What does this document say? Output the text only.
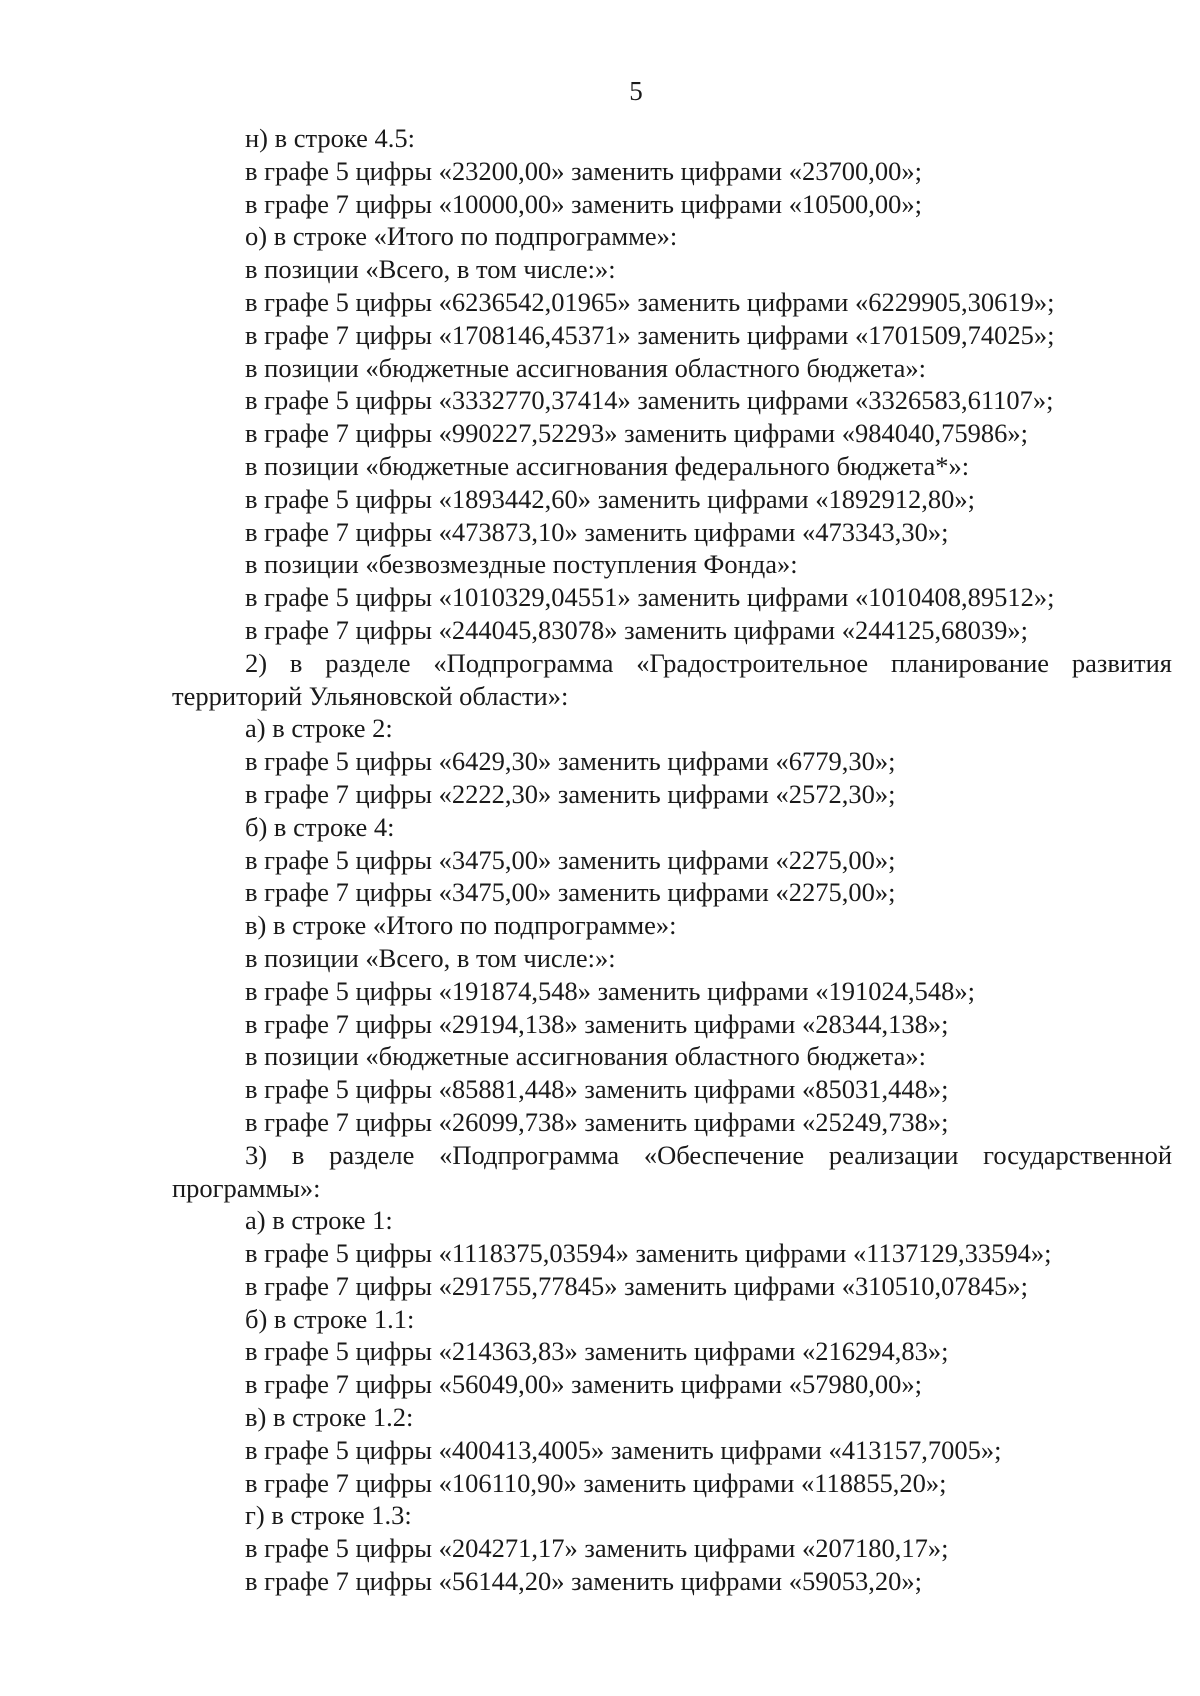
5
н) в строке 4.5:
в графе 5 цифры «23200,00» заменить цифрами «23700,00»;
в графе 7 цифры «10000,00» заменить цифрами «10500,00»;
о) в строке «Итого по подпрограмме»:
в позиции «Всего, в том числе:»:
в графе 5 цифры «6236542,01965» заменить цифрами «6229905,30619»;
в графе 7 цифры «1708146,45371» заменить цифрами «1701509,74025»;
в позиции «бюджетные ассигнования областного бюджета»:
в графе 5 цифры «3332770,37414» заменить цифрами «3326583,61107»;
в графе 7 цифры «990227,52293» заменить цифрами «984040,75986»;
в позиции «бюджетные ассигнования федерального бюджета*»:
в графе 5 цифры «1893442,60» заменить цифрами «1892912,80»;
в графе 7 цифры «473873,10» заменить цифрами «473343,30»;
в позиции «безвозмездные поступления Фонда»:
в графе 5 цифры «1010329,04551» заменить цифрами «1010408,89512»;
в графе 7 цифры «244045,83078» заменить цифрами «244125,68039»;
2) в разделе «Подпрограмма «Градостроительное планирование развития
территорий Ульяновской области»:
а) в строке 2:
в графе 5 цифры «6429,30» заменить цифрами «6779,30»;
в графе 7 цифры «2222,30» заменить цифрами «2572,30»;
б) в строке 4:
в графе 5 цифры «3475,00» заменить цифрами «2275,00»;
в графе 7 цифры «3475,00» заменить цифрами «2275,00»;
в) в строке «Итого по подпрограмме»:
в позиции «Всего, в том числе:»:
в графе 5 цифры «191874,548» заменить цифрами «191024,548»;
в графе 7 цифры «29194,138» заменить цифрами «28344,138»;
в позиции «бюджетные ассигнования областного бюджета»:
в графе 5 цифры «85881,448» заменить цифрами «85031,448»;
в графе 7 цифры «26099,738» заменить цифрами «25249,738»;
3) в разделе «Подпрограмма «Обеспечение реализации государственной
программы»:
а) в строке 1:
в графе 5 цифры «1118375,03594» заменить цифрами «1137129,33594»;
в графе 7 цифры «291755,77845» заменить цифрами «310510,07845»;
б) в строке 1.1:
в графе 5 цифры «214363,83» заменить цифрами «216294,83»;
в графе 7 цифры «56049,00» заменить цифрами «57980,00»;
в) в строке 1.2:
в графе 5 цифры «400413,4005» заменить цифрами «413157,7005»;
в графе 7 цифры «106110,90» заменить цифрами «118855,20»;
г) в строке 1.3:
в графе 5 цифры «204271,17» заменить цифрами «207180,17»;
в графе 7 цифры «56144,20» заменить цифрами «59053,20»;
